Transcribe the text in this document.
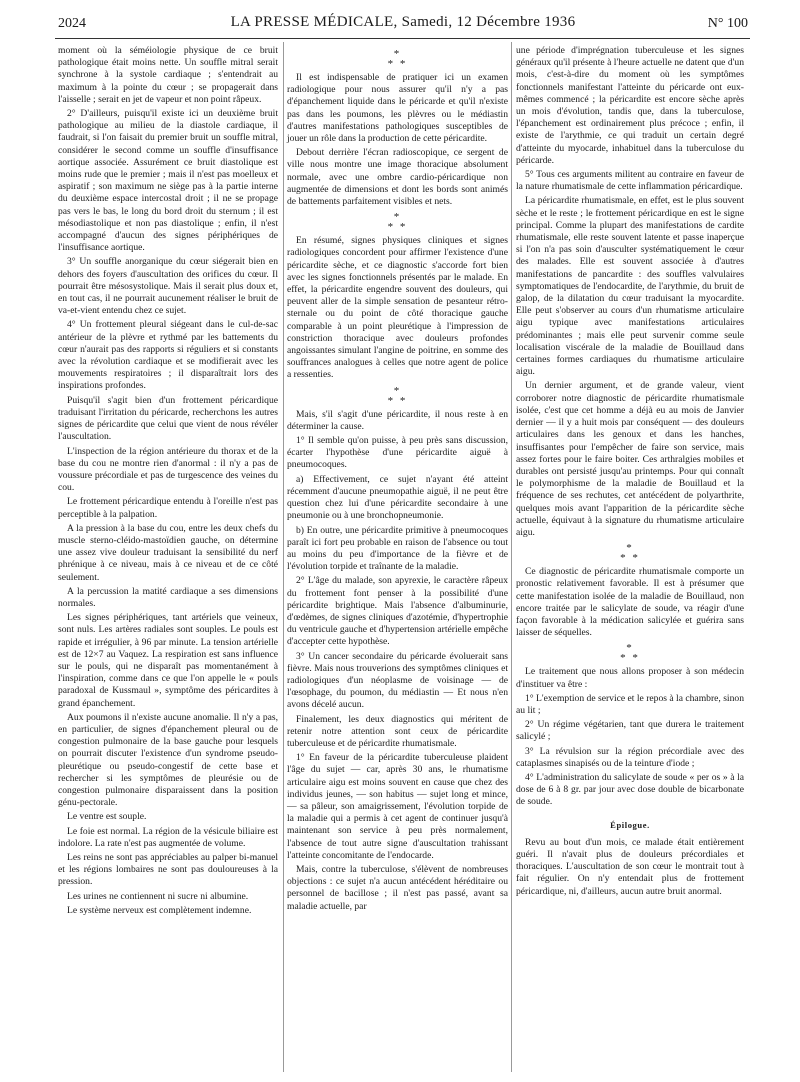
2024	LA PRESSE MÉDICALE, Samedi, 12 Décembre 1936	N° 100

moment où la séméiologie physique de ce bruit pathologique était moins nette. Un souffle mitral serait synchrone à la systole cardiaque ; s'entendrait au maximum à la pointe du cœur ; se propagerait dans l'aisselle ; serait en jet de vapeur et non point râpeux.

2° D'ailleurs, puisqu'il existe ici un deuxième bruit pathologique au milieu de la diastole cardiaque, il faudrait, si l'on faisait du premier bruit un souffle mitral, considérer le second comme un souffle d'insuffisance aortique associée. Assurément ce bruit diastolique est moins rude que le premier ; mais il n'est pas moelleux et aspiratif ; son maximum ne siège pas à la partie interne du deuxième espace intercostal droit ; il ne se propage pas vers le bas, le long du bord droit du sternum ; il est mésodiastolique et non pas diastolique ; enfin, il n'est accompagné d'aucun des signes périphériques de l'insuffisance aortique.

3° Un souffle anorganique du cœur siégerait bien en dehors des foyers d'auscultation des orifices du cœur. Il pourrait être mésosystolique. Mais il serait plus doux et, en tout cas, il ne pourrait aucunement réaliser le bruit de va-et-vient entendu chez ce sujet.

4° Un frottement pleural siégeant dans le cul-de-sac antérieur de la plèvre et rythmé par les battements du cœur n'aurait pas des rapports si réguliers et si constants avec la révolution cardiaque et se modifierait avec les mouvements respiratoires ; il disparaîtrait lors des inspirations profondes.

Puisqu'il s'agit bien d'un frottement péricardique traduisant l'irritation du péricarde, recherchons les autres signes de péricardite que celui que vient de nous révéler l'auscultation.

L'inspection de la région antérieure du thorax et de la base du cou ne montre rien d'anormal : il n'y a pas de voussure précordiale et pas de turgescence des veines du cou.

Le frottement péricardique entendu à l'oreille n'est pas perceptible à la palpation.

A la pression à la base du cou, entre les deux chefs du muscle sterno-cléido-mastoïdien gauche, on détermine une assez vive douleur traduisant la sensibilité du nerf phrénique à ce niveau, mais à ce niveau et de ce côté seulement.

A la percussion la matité cardiaque a ses dimensions normales.

Les signes périphériques, tant artériels que veineux, sont nuls. Les artères radiales sont souples. Le pouls est rapide et irrégulier, à 96 par minute. La tension artérielle est de 12×7 au Vaquez. La respiration est sans influence sur le pouls, qui ne disparaît pas momentanément à l'inspiration, comme dans ce que l'on appelle le « pouls paradoxal de Kussmaul », symptôme des péricardites à grand épanchement.

Aux poumons il n'existe aucune anomalie. Il n'y a pas, en particulier, de signes d'épanchement pleural ou de congestion pulmonaire de la base gauche pour lesquels on pourrait discuter l'existence d'un syndrome pseudo-pleurétique ou pseudo-congestif de cette base et rechercher si les symptômes de pleurésie ou de congestion pulmonaire disparaissent dans la position génu-pectorale.

Le ventre est souple.

Le foie est normal. La région de la vésicule biliaire est indolore. La rate n'est pas augmentée de volume.

Les reins ne sont pas appréciables au palper bi-manuel et les régions lombaires ne sont pas douloureuses à la pression.

Les urines ne contiennent ni sucre ni albumine.

Le système nerveux est complètement indemne.

*
* *

Il est indispensable de pratiquer ici un examen radiologique pour nous assurer qu'il n'y a pas d'épanchement liquide dans le péricarde et qu'il n'existe pas dans les poumons, les plèvres ou le médiastin d'autres manifestations pathologiques susceptibles de jouer un rôle dans la production de cette péricardite.

Debout derrière l'écran radioscopique, ce sergent de ville nous montre une image thoracique absolument normale, avec une ombre cardio-péricardique non augmentée de dimensions et dont les bords sont animés de battements parfaitement visibles et nets.

*
* *

En résumé, signes physiques cliniques et signes radiologiques concordent pour affirmer l'existence d'une péricardite sèche, et ce diagnostic s'accorde fort bien avec les signes fonctionnels présentés par le malade. En effet, la péricardite engendre souvent des douleurs, qui peuvent aller de la simple sensation de pesanteur rétro-sternale ou du point de côté thoracique gauche comparable à un point pleurétique à l'impression de constriction thoracique avec douleurs profondes angoissantes simulant l'angine de poitrine, en somme des souffrances analogues à celles que notre agent de police a ressenties.

*
* *

Mais, s'il s'agit d'une péricardite, il nous reste à en déterminer la cause.

1° Il semble qu'on puisse, à peu près sans discussion, écarter l'hypothèse d'une péricardite aiguë à pneumocoques.

a) Effectivement, ce sujet n'ayant été atteint récemment d'aucune pneumopathie aiguë, il ne peut être question chez lui d'une péricardite secondaire à une pneumonie ou à une bronchopneumonie.

b) En outre, une péricardite primitive à pneumocoques paraît ici fort peu probable en raison de l'absence ou tout au moins du peu d'importance de la fièvre et de l'évolution torpide et traînante de la maladie.

2° L'âge du malade, son apyrexie, le caractère râpeux du frottement font penser à la possibilité d'une péricardite brightique. Mais l'absence d'albuminurie, d'œdèmes, de signes cliniques d'azotémie, d'hypertrophie du ventricule gauche et d'hypertension artérielle empêche d'accepter cette hypothèse.

3° Un cancer secondaire du péricarde évoluerait sans fièvre. Mais nous trouverions des symptômes cliniques et radiologiques d'un néoplasme de voisinage — de l'œsophage, du poumon, du médiastin — Et nous n'en avons décelé aucun.

Finalement, les deux diagnostics qui méritent de retenir notre attention sont ceux de péricardite tuberculeuse et de péricardite rhumatismale.

1° En faveur de la péricardite tuberculeuse plaident l'âge du sujet — car, après 30 ans, le rhumatisme articulaire aigu est moins souvent en cause que chez des individus jeunes, — son habitus — sujet long et mince, — sa pâleur, son amaigrissement, l'évolution torpide de la maladie qui a permis à cet agent de continuer jusqu'à maintenant son service à peu près normalement, l'absence de tout autre signe d'auscultation trahissant l'atteinte concomitante de l'endocarde.

Mais, contre la tuberculose, s'élèvent de nombreuses objections : ce sujet n'a aucun antécédent héréditaire ou personnel de bacillose ; il n'est pas passé, avant sa maladie actuelle, par

une période d'imprégnation tuberculeuse et les signes généraux qu'il présente à l'heure actuelle ne datent que d'un mois, c'est-à-dire du moment où les symptômes fonctionnels manifestant l'atteinte du péricarde ont eux-mêmes commencé ; la péricardite est encore sèche après un mois d'évolution, tandis que, dans la tuberculose, l'épanchement est ordinairement plus précoce ; enfin, il existe de l'arythmie, ce qui traduit un certain degré d'atteinte du myocarde, inhabituel dans la tuberculose du péricarde.

5° Tous ces arguments militent au contraire en faveur de la nature rhumatismale de cette inflammation péricardique.

La péricardite rhumatismale, en effet, est le plus souvent sèche et le reste ; le frottement péricardique en est le signe principal. Comme la plupart des manifestations de cardite rhumatismale, elle reste souvent latente et passe inaperçue si l'on n'a pas soin d'ausculter systématiquement le cœur des malades. Elle est souvent associée à d'autres manifestations de pancardite : des souffles valvulaires symptomatiques de l'endocardite, de l'arythmie, du bruit de galop, de la dilatation du cœur traduisant la myocardite. Elle peut s'observer au cours d'un rhumatisme articulaire aigu typique avec manifestations articulaires prédominantes ; mais elle peut survenir comme seule localisation viscérale de la maladie de Bouillaud dans certaines formes cardiaques du rhumatisme articulaire aigu.

Un dernier argument, et de grande valeur, vient corroborer notre diagnostic de péricardite rhumatismale isolée, c'est que cet homme a déjà eu au mois de Janvier dernier — il y a huit mois par conséquent — des douleurs articulaires dans les genoux et dans les hanches, insuffisantes pour l'empêcher de faire son service, mais assez fortes pour le faire boiter. Ces arthralgies mobiles et durables ont persisté jusqu'au printemps. Pour qui connaît le polymorphisme de la maladie de Bouillaud et la fréquence de ses rechutes, cet antécédent de polyarthrite, quelques mois avant l'apparition de la péricardite sèche actuelle, équivaut à la signature du rhumatisme articulaire aigu.

*
* *

Ce diagnostic de péricardite rhumatismale comporte un pronostic relativement favorable. Il est à présumer que cette manifestation isolée de la maladie de Bouillaud, non encore traitée par le salicylate de soude, va réagir d'une façon favorable à la médication salicylée et guérira sans laisser de séquelles.

*
* *

Le traitement que nous allons proposer à son médecin d'instituer va être :

1° L'exemption de service et le repos à la chambre, sinon au lit ;

2° Un régime végétarien, tant que durera le traitement salicylé ;

3° La révulsion sur la région précordiale avec des cataplasmes sinapisés ou de la teinture d'iode ;

4° L'administration du salicylate de soude « per os » à la dose de 6 à 8 gr. par jour avec dose double de bicarbonate de soude.

Épilogue.

Revu au bout d'un mois, ce malade était entièrement guéri. Il n'avait plus de douleurs précordiales et thoraciques. L'auscultation de son cœur le montrait tout à fait régulier. On n'y entendait plus de frottement péricardique, ni, d'ailleurs, aucun autre bruit anormal.
